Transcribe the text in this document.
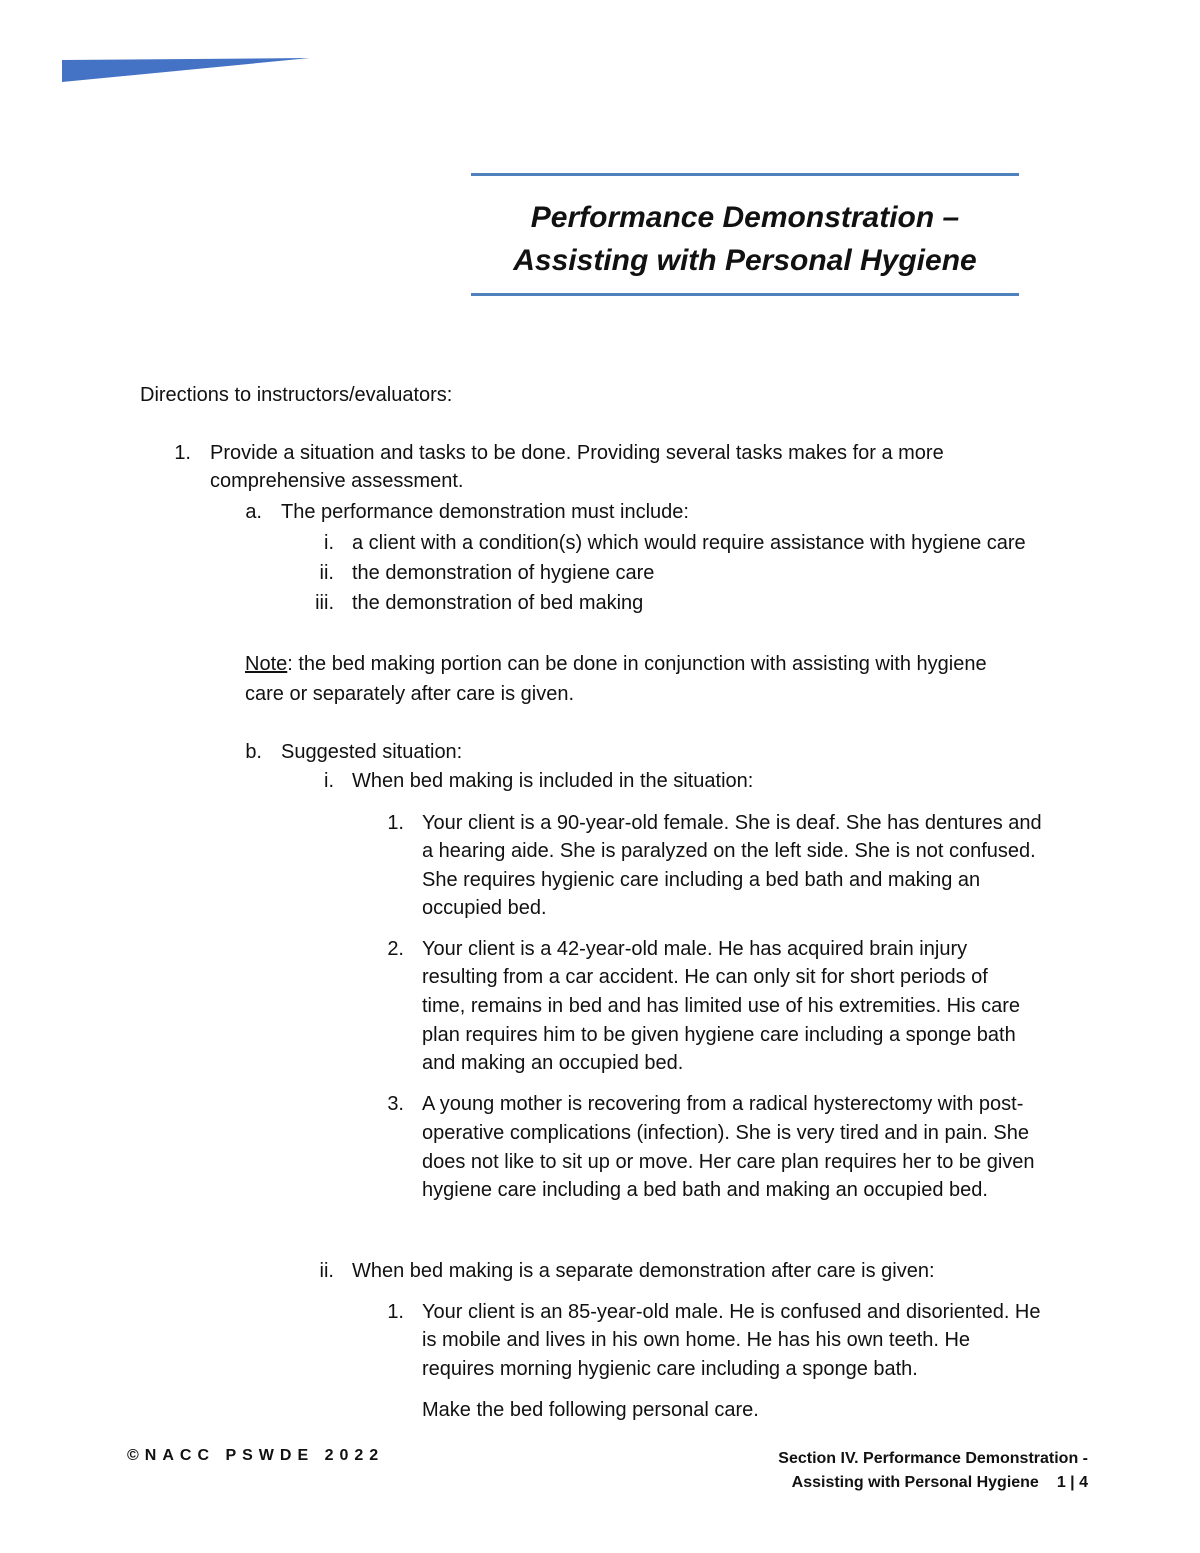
Performance Demonstration –
Assisting with Personal Hygiene
Directions to instructors/evaluators:
1. Provide a situation and tasks to be done. Providing several tasks makes for a more
comprehensive assessment.
a. The performance demonstration must include:
i. a client with a condition(s) which would require assistance with hygiene care
ii. the demonstration of hygiene care
iii. the demonstration of bed making
Note: the bed making portion can be done in conjunction with assisting with hygiene
care or separately after care is given.
b. Suggested situation:
i. When bed making is included in the situation:
1. Your client is a 90-year-old female. She is deaf. She has dentures and
a hearing aide. She is paralyzed on the left side. She is not confused.
She requires hygienic care including a bed bath and making an
occupied bed.
2. Your client is a 42-year-old male. He has acquired brain injury
resulting from a car accident. He can only sit for short periods of
time, remains in bed and has limited use of his extremities. His care
plan requires him to be given hygiene care including a sponge bath
and making an occupied bed.
3. A young mother is recovering from a radical hysterectomy with post-
operative complications (infection). She is very tired and in pain. She
does not like to sit up or move. Her care plan requires her to be given
hygiene care including a bed bath and making an occupied bed.
ii. When bed making is a separate demonstration after care is given:
1. Your client is an 85-year-old male. He is confused and disoriented. He
is mobile and lives in his own home. He has his own teeth. He
requires morning hygienic care including a sponge bath.
Make the bed following personal care.
©NACC PSWDE 2022	Section IV. Performance Demonstration -
Assisting with Personal Hygiene 1 | 4
